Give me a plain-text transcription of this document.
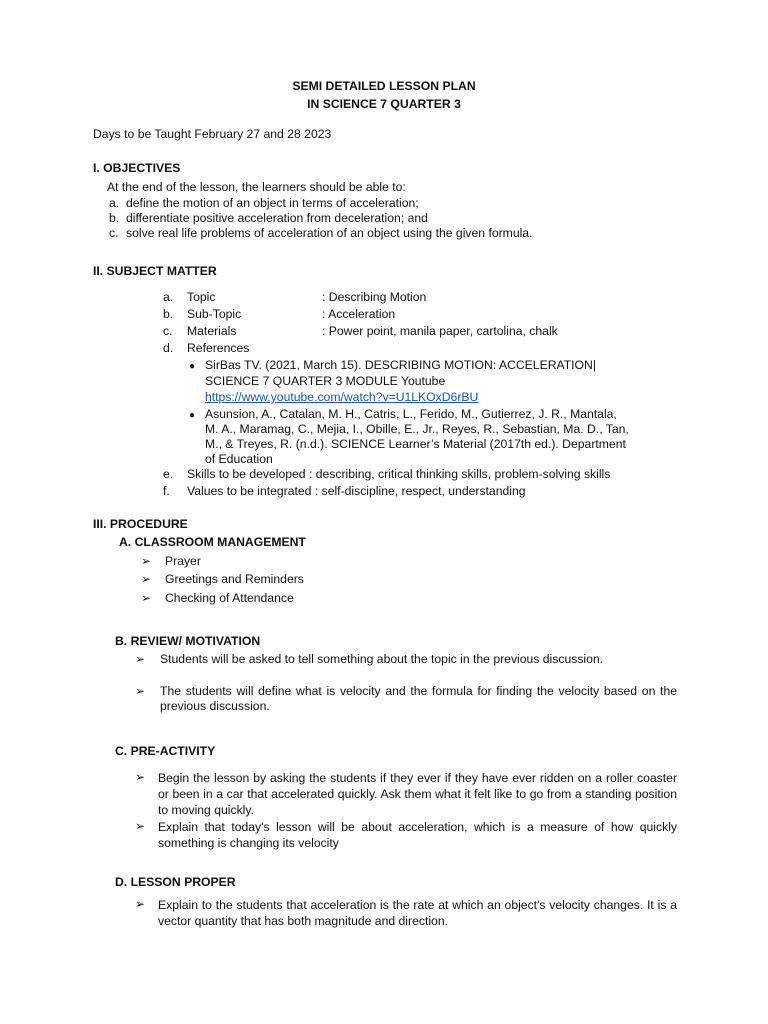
SEMI DETAILED LESSON PLAN
IN SCIENCE 7 QUARTER 3
Days to be Taught February 27 and 28 2023
I. OBJECTIVES
At the end of the lesson, the learners should be able to:
a. define the motion of an object in terms of acceleration;
b. differentiate positive acceleration from deceleration; and
c. solve real life problems of acceleration of an object using the given formula.
II. SUBJECT MATTER
a. Topic	: Describing Motion
b. Sub-Topic	: Acceleration
c. Materials	: Power point, manila paper, cartolina, chalk
d. References
● SirBas TV. (2021, March 15). DESCRIBING MOTION: ACCELERATION|
SCIENCE 7 QUARTER 3 MODULE Youtube
https://www.youtube.com/watch?v=U1LKOxD6rBU
● Asunsion, A., Catalan, M. H., Catris, L., Ferido, M., Gutierrez, J. R., Mantala,
M. A., Maramag, C., Mejia, I., Obille, E., Jr., Reyes, R., Sebastian, Ma. D., Tan,
M., & Treyes, R. (n.d.). SCIENCE Learner’s Material (2017th ed.). Department
of Education
e. Skills to be developed : describing, critical thinking skills, problem-solving skills
f. Values to be integrated : self-discipline, respect, understanding
III. PROCEDURE
A. CLASSROOM MANAGEMENT
➢ Prayer
➢ Greetings and Reminders
➢ Checking of Attendance
B. REVIEW/ MOTIVATION
➢ Students will be asked to tell something about the topic in the previous discussion.
➢ The students will define what is velocity and the formula for finding the velocity based on the previous discussion.
C. PRE-ACTIVITY
➢ Begin the lesson by asking the students if they ever if they have ever ridden on a roller coaster or been in a car that accelerated quickly. Ask them what it felt like to go from a standing position to moving quickly.
➢ Explain that today's lesson will be about acceleration, which is a measure of how quickly something is changing its velocity
D. LESSON PROPER
➢ Explain to the students that acceleration is the rate at which an object's velocity changes. It is a vector quantity that has both magnitude and direction.
